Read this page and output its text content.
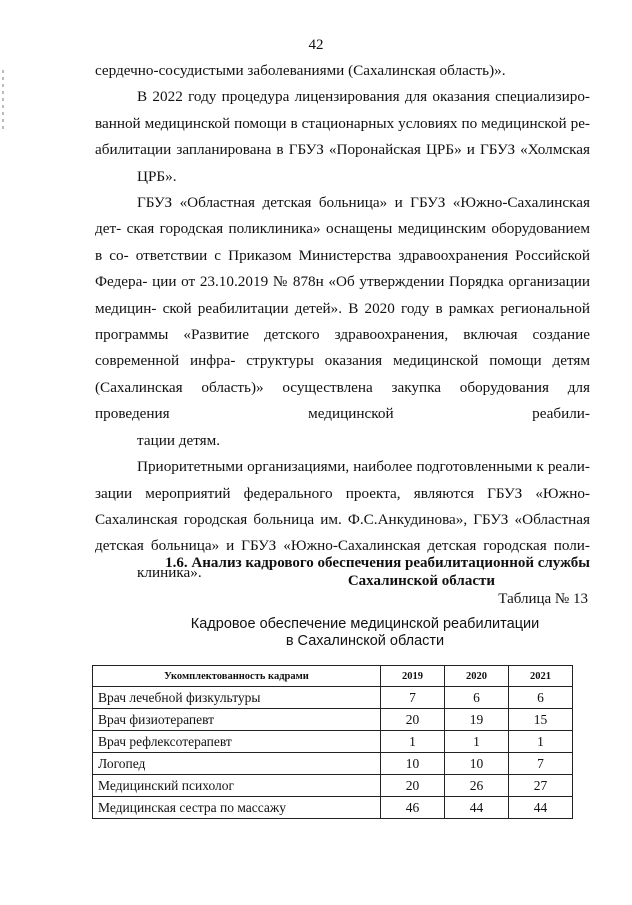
42

сердечно-сосудистыми заболеваниями (Сахалинская область)».

В 2022 году процедура лицензирования для оказания специализиро- ванной медицинской помощи в стационарных условиях по медицинской ре- абилитации запланирована в ГБУЗ «Поронайская ЦРБ» и ГБУЗ «Холмская
ЦРБ».

ГБУЗ «Областная детская больница» и ГБУЗ «Южно-Сахалинская дет- ская городская поликлиника» оснащены медицинским оборудованием в со- ответствии с Приказом Министерства здравоохранения Российской Федера- ции от 23.10.2019 № 878н «Об утверждении Порядка организации медицин- ской реабилитации детей». В 2020 году в рамках региональной программы «Развитие детского здравоохранения, включая создание современной инфра- структуры оказания медицинской помощи детям (Сахалинская область)» осуществлена закупка оборудования для проведения медицинской реабили-
тации детям.

Приоритетными организациями, наиболее подготовленными к реали- зации мероприятий федерального проекта, являются ГБУЗ «Южно- Сахалинская городская больница им. Ф.С.Анкудинова», ГБУЗ «Областная детская больница» и ГБУЗ «Южно-Сахалинская детская городская поли-
клиника».

1.6. Анализ кадрового обеспечения реабилитационной службы
Сахалинской области
Таблица № 13
Кадровое обеспечение медицинской реабилитации
в Сахалинской области
Укомплектованность кадрами	2019	2020	2021
Врач лечебной физкультуры	7	6	6
Врач физиотерапевт	20	19	15
Врач рефлексотерапевт	1	1	1
Логопед	10	10	7
Медицинский психолог	20	26	27
Медицинская сестра по массажу	46	44	44
